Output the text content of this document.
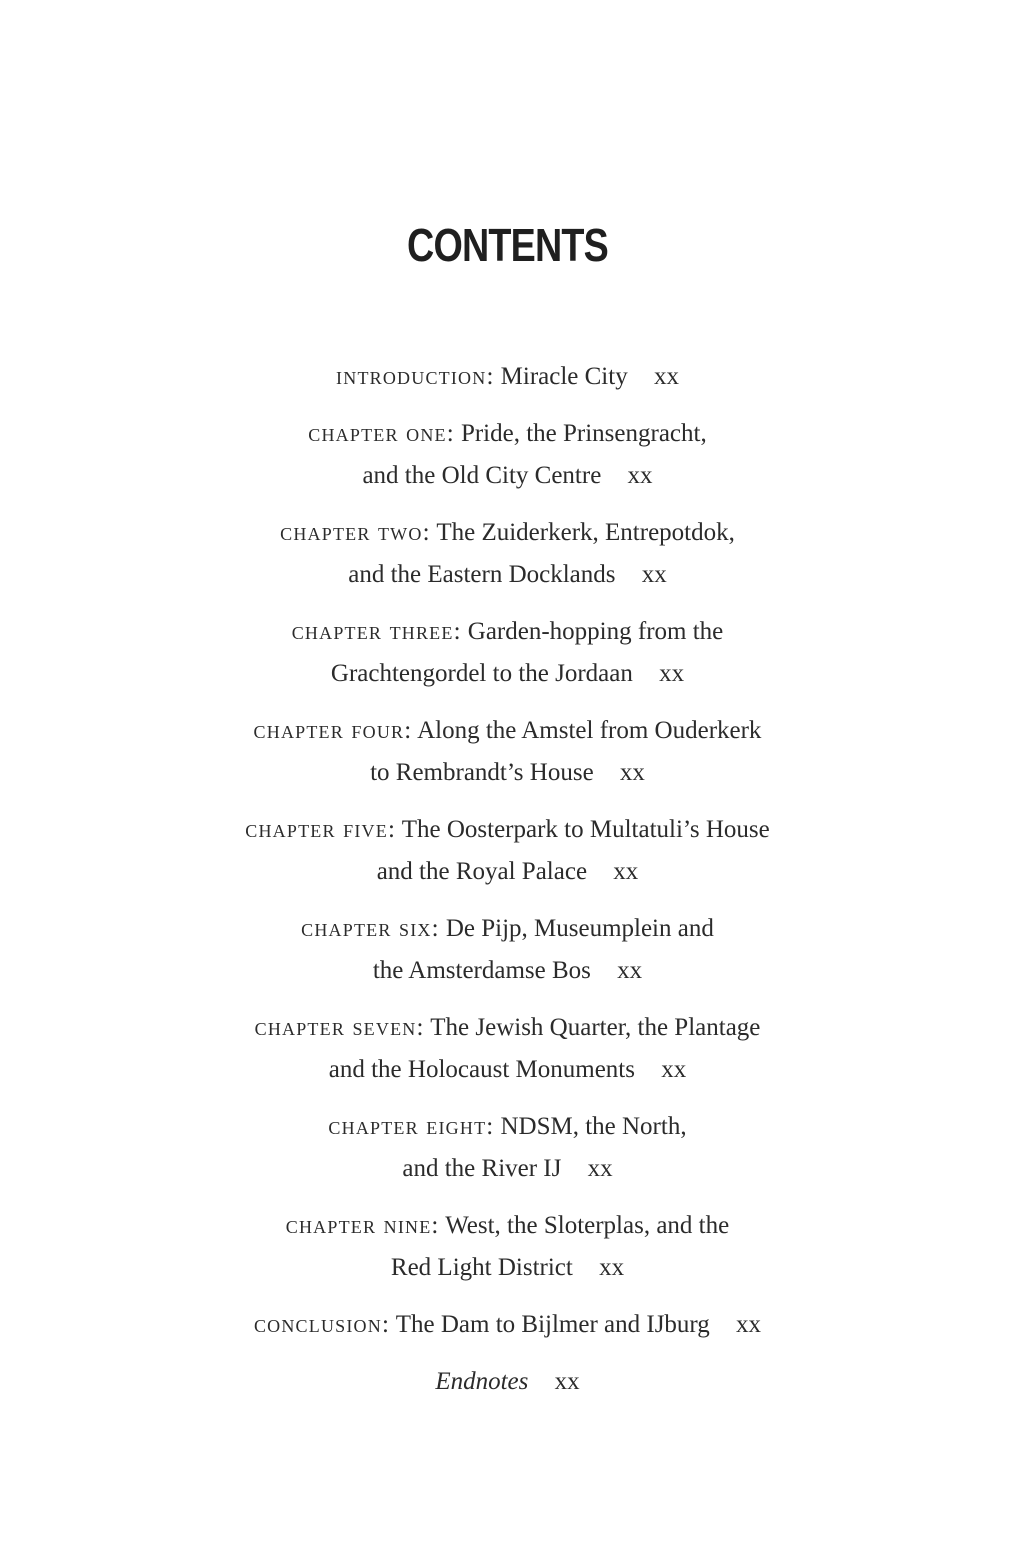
CONTENTS
introduction: Miracle City xx
chapter one: Pride, the Prinsengracht,
and the Old City Centre xx
chapter two: The Zuiderkerk, Entrepotdok,
and the Eastern Docklands xx
chapter three: Garden-hopping from the
Grachtengordel to the Jordaan xx
chapter four: Along the Amstel from Ouderkerk
to Rembrandt’s House xx
chapter five: The Oosterpark to Multatuli’s House
and the Royal Palace xx
chapter six: De Pijp, Museumplein and
the Amsterdamse Bos xx
chapter seven: The Jewish Quarter, the Plantage
and the Holocaust Monuments xx
chapter eight: NDSM, the North,
and the River IJ xx
chapter nine: West, the Sloterplas, and the
Red Light District xx
conclusion: The Dam to Bijlmer and IJburg xx
Endnotes xx
